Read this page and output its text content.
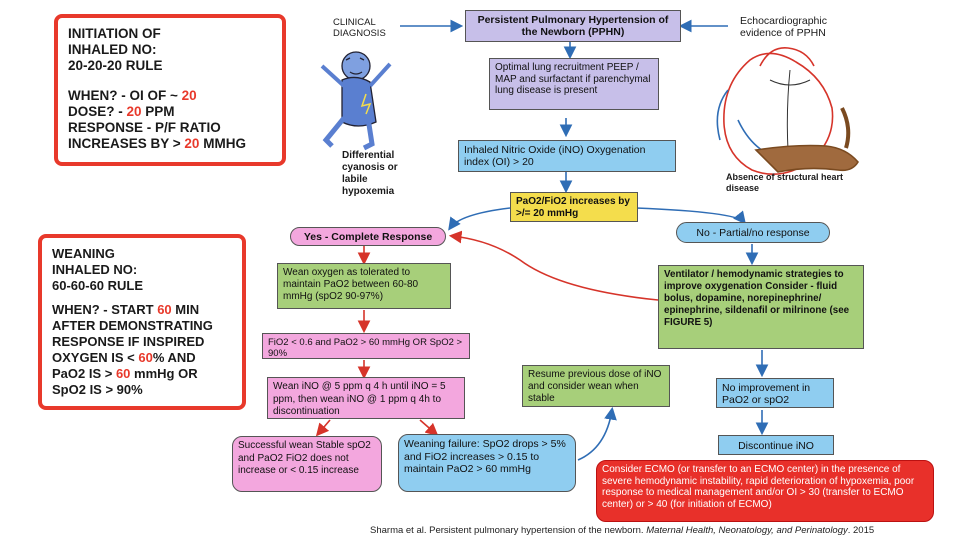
INITIATION OF
INHALED NO:
20-20-20 RULE
WHEN? - OI OF ~ 20
DOSE? - 20 PPM
RESPONSE - P/F RATIO
INCREASES BY > 20 MMHG
WEANING
INHALED NO:
60-60-60 RULE
WHEN? - START 60 MIN
AFTER DEMONSTRATING
RESPONSE IF INSPIRED
OXYGEN IS < 60% AND
PaO2 IS > 60 mmHg OR
SpO2 IS > 90%
CLINICAL DIAGNOSIS
Echocardiographic evidence of PPHN
Differential cyanosis or labile hypoxemia
Absence of structural heart disease
Persistent Pulmonary Hypertension of the Newborn (PPHN)
Optimal lung recruitment PEEP / MAP and surfactant if parenchymal lung disease is present
Inhaled Nitric Oxide (iNO) Oxygenation index (OI) > 20
PaO2/FiO2 increases by >/= 20 mmHg
Yes - Complete Response	No - Partial/no response
Wean oxygen as tolerated to maintain PaO2 between 60-80 mmHg (spO2 90-97%)
Ventilator / hemodynamic strategies to improve oxygenation Consider - fluid bolus, dopamine, norepinephrine/ epinephrine, sildenafil or milrinone (see FIGURE 5)
FiO2 < 0.6 and PaO2 > 60 mmHg OR SpO2 > 90%
Wean iNO @ 5 ppm q 4 h until iNO = 5 ppm, then wean iNO @ 1 ppm q 4h to discontinuation
Resume previous dose of iNO and consider wean when stable
No improvement in PaO2 or spO2
Successful wean Stable spO2 and PaO2 FiO2 does not increase or < 0.15 increase
Weaning failure: SpO2 drops > 5% and FiO2 increases > 0.15 to maintain PaO2 > 60 mmHg
Discontinue iNO
Consider ECMO (or transfer to an ECMO center) in the presence of severe hemodynamic instability, rapid deterioration of hypoxemia, poor response to medical management and/or OI > 30 (transfer to ECMO center) or > 40 (for initiation of ECMO)
Sharma et al. Persistent pulmonary hypertension of the newborn. Maternal Health, Neonatology, and Perinatology. 2015
